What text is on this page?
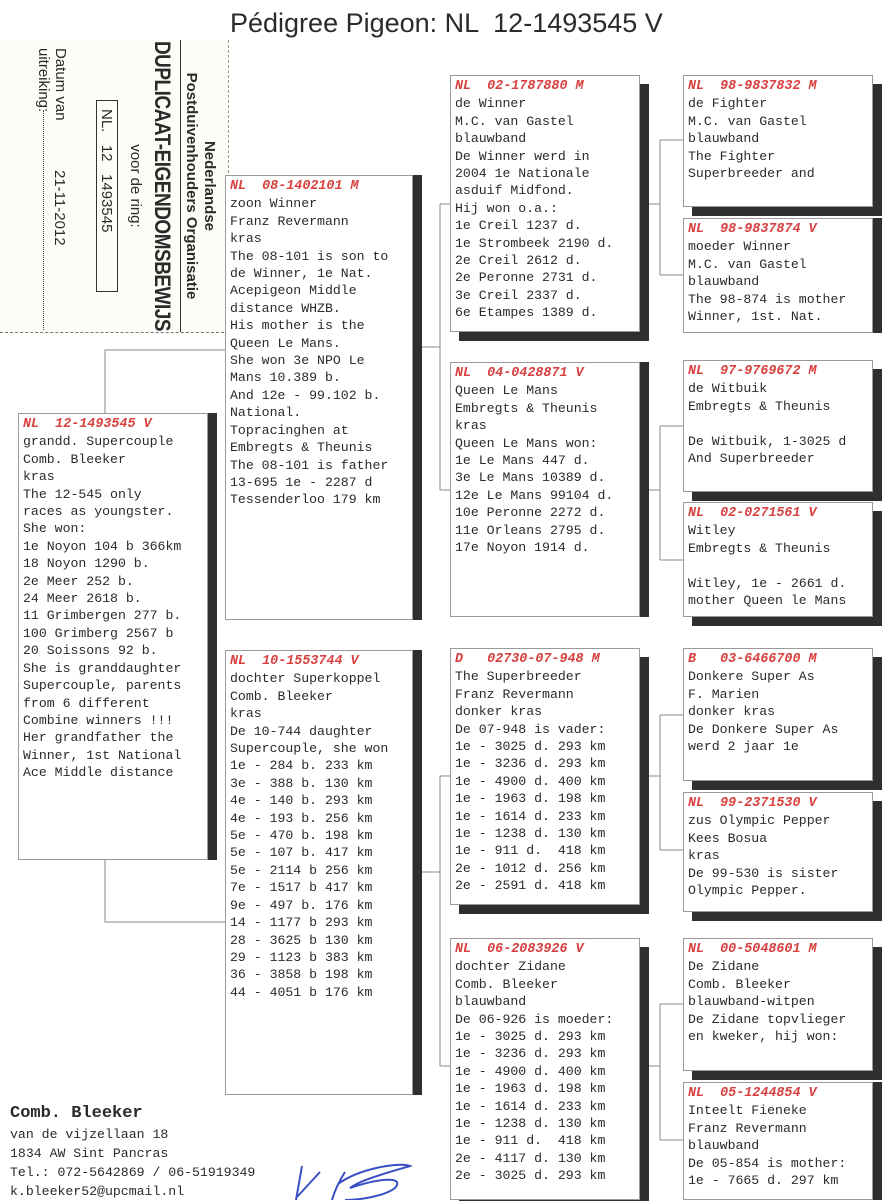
Pédigree Pigeon: NL  12-1493545 V
Nederlandse
Postduivenhouders Organisatie
DUPLICAAT-EIGENDOMSBEWIJS
voor de ring:
NL.   12   1493545
Datum van
uitreiking:
21-11-2012
NL  12-1493545 V
grandd. Supercouple
Comb. Bleeker
kras
The 12-545 only
races as youngster.
She won:
1e Noyon 104 b 366km
18 Noyon 1290 b.
2e Meer 252 b.
24 Meer 2618 b.
11 Grimbergen 277 b.
100 Grimberg 2567 b
20 Soissons 92 b.
She is granddaughter
Supercouple, parents
from 6 different
Combine winners !!!
Her grandfather the
Winner, 1st National
Ace Middle distance
NL  08-1402101 M
zoon Winner
Franz Revermann
kras
The 08-101 is son to
de Winner, 1e Nat.
Acepigeon Middle
distance WHZB.
His mother is the
Queen Le Mans.
She won 3e NPO Le
Mans 10.389 b.
And 12e - 99.102 b.
National.
Topracinghen at
Embregts & Theunis
The 08-101 is father
13-695 1e - 2287 d
Tessenderloo 179 km
NL  10-1553744 V
dochter Superkoppel
Comb. Bleeker
kras
De 10-744 daughter
Supercouple, she won
1e - 284 b. 233 km
3e - 388 b. 130 km
4e - 140 b. 293 km
4e - 193 b. 256 km
5e - 470 b. 198 km
5e - 107 b. 417 km
5e - 2114 b 256 km
7e - 1517 b 417 km
9e - 497 b. 176 km
14 - 1177 b 293 km
28 - 3625 b 130 km
29 - 1123 b 383 km
36 - 3858 b 198 km
44 - 4051 b 176 km
NL  02-1787880 M
de Winner
M.C. van Gastel
blauwband
De Winner werd in
2004 1e Nationale
asduif Midfond.
Hij won o.a.:
1e Creil 1237 d.
1e Strombeek 2190 d.
2e Creil 2612 d.
2e Peronne 2731 d.
3e Creil 2337 d.
6e Etampes 1389 d.
NL  04-0428871 V
Queen Le Mans
Embregts & Theunis
kras
Queen Le Mans won:
1e Le Mans 447 d.
3e Le Mans 10389 d.
12e Le Mans 99104 d.
10e Peronne 2272 d.
11e Orleans 2795 d.
17e Noyon 1914 d.
D   02730-07-948 M
The Superbreeder
Franz Revermann
donker kras
De 07-948 is vader:
1e - 3025 d. 293 km
1e - 3236 d. 293 km
1e - 4900 d. 400 km
1e - 1963 d. 198 km
1e - 1614 d. 233 km
1e - 1238 d. 130 km
1e - 911 d.  418 km
2e - 1012 d. 256 km
2e - 2591 d. 418 km
NL  06-2083926 V
dochter Zidane
Comb. Bleeker
blauwband
De 06-926 is moeder:
1e - 3025 d. 293 km
1e - 3236 d. 293 km
1e - 4900 d. 400 km
1e - 1963 d. 198 km
1e - 1614 d. 233 km
1e - 1238 d. 130 km
1e - 911 d.  418 km
2e - 4117 d. 130 km
2e - 3025 d. 293 km
NL  98-9837832 M
de Fighter
M.C. van Gastel
blauwband
The Fighter
Superbreeder and
NL  98-9837874 V
moeder Winner
M.C. van Gastel
blauwband
The 98-874 is mother
Winner, 1st. Nat.
NL  97-9769672 M
de Witbuik
Embregts & Theunis
De Witbuik, 1-3025 d
And Superbreeder
NL  02-0271561 V
Witley
Embregts & Theunis
Witley, 1e - 2661 d.
mother Queen le Mans
B   03-6466700 M
Donkere Super As
F. Marien
donker kras
De Donkere Super As
werd 2 jaar 1e
NL  99-2371530 V
zus Olympic Pepper
Kees Bosua
kras
De 99-530 is sister
Olympic Pepper.
NL  00-5048601 M
De Zidane
Comb. Bleeker
blauwband-witpen
De Zidane topvlieger
en kweker, hij won:
NL  05-1244854 V
Inteelt Fieneke
Franz Revermann
blauwband
De 05-854 is mother:
1e - 7665 d. 297 km
Comb. Bleeker
van de vijzellaan 18
1834 AW Sint Pancras
Tel.: 072-5642869 / 06-51919349
k.bleeker52@upcmail.nl
